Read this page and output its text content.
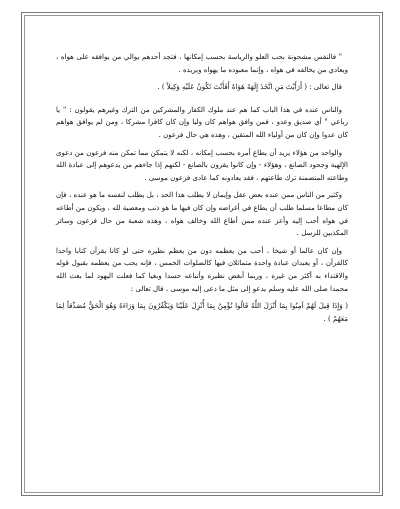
" فالنفس مشحونة بحب العلو والرياسة بحسب إمكانها ، فتجد أحدهم يوالي من يوافقه على هواه ، ويعادي من يخالفه في هواه ، وإنما معبوده ما يهواه ويريده .

قال تعالى : ( أَرَأَيْتَ مَنِ اتَّخَذَ إِلَهَهُ هَوَاهُ أَفَأَنْتَ تَكُونُ عَلَيْهِ وَكِيلاً ) .

والناس عنده في هذا الباب كما هم عند ملوك الكفار والمشركين من الترك وغيرهم يقولون : " يا رباعي " أي صديق وعدو ، فمن وافق هواهم كان وليا وإن كان كافرا مشركا ، ومن لم يوافق هواهم كان عدوا وإن كان من أولياء الله المتقين ، وهذه هي حال فرعون .

والواحد من هؤلاء يريد أن يطاع أمره بحسب إمكانه ، لكنه لا يتمكن مما تمكن منه فرعون من دعوى الإلهية وجحود الصانع ، وهؤلاء - وإن كانوا يقرون بالصانع - لكنهم إذا جاءهم من يدعوهم إلى عبادة الله وطاعته المتضمنة ترك طاعتهم ، فقد يعادونه كما عادى فرعون موسى .

وكثير من الناس ممن عنده بعض عقل وإيمان لا يطلب هذا الحد ، بل يطلب لنفسه ما هو عنده ، فإن كان مطاعا مسلما طلب أن يطاع في أغراضه وإن كان فيها ما هو ذنب ومعصية لله ، ويكون من أطاعه في هواه أحب إليه وأعز عنده ممن أطاع الله وخالف هواه ، وهذه شعبة من حال فرعون وسائر المكذبين للرسل .

وإن كان عالما أو شيخا ، أحب من يعظمه دون من يعظم نظيره حتى لو كانا يقرآن كتابا واحدا كالقرآن ، أو يعبدان عبادة واحدة متماثلان فيها كالصلوات الخمس ، فإنه يحب من يعظمه بقبول قوله والاقتداء به أكثر من غيره ، وربما أبغض نظيره وأتباعه حسدا وبغيا كما فعلت اليهود لما بعث الله محمدا صلى الله عليه وسلم يدعو إلى مثل ما دعى إليه موسى ، قال تعالى :

( وَإِذَا قِيلَ لَهُمْ آمِنُوا بِمَا أَنْزَلَ اللَّهُ قَالُوا نُؤْمِنُ بِمَا أُنْزِلَ عَلَيْنَا وَيَكْفُرُونَ بِمَا وَرَاءَهُ وَهُوَ الْحَقُّ مُصَدِّقاً لِمَا مَعَهُمْ ) .
